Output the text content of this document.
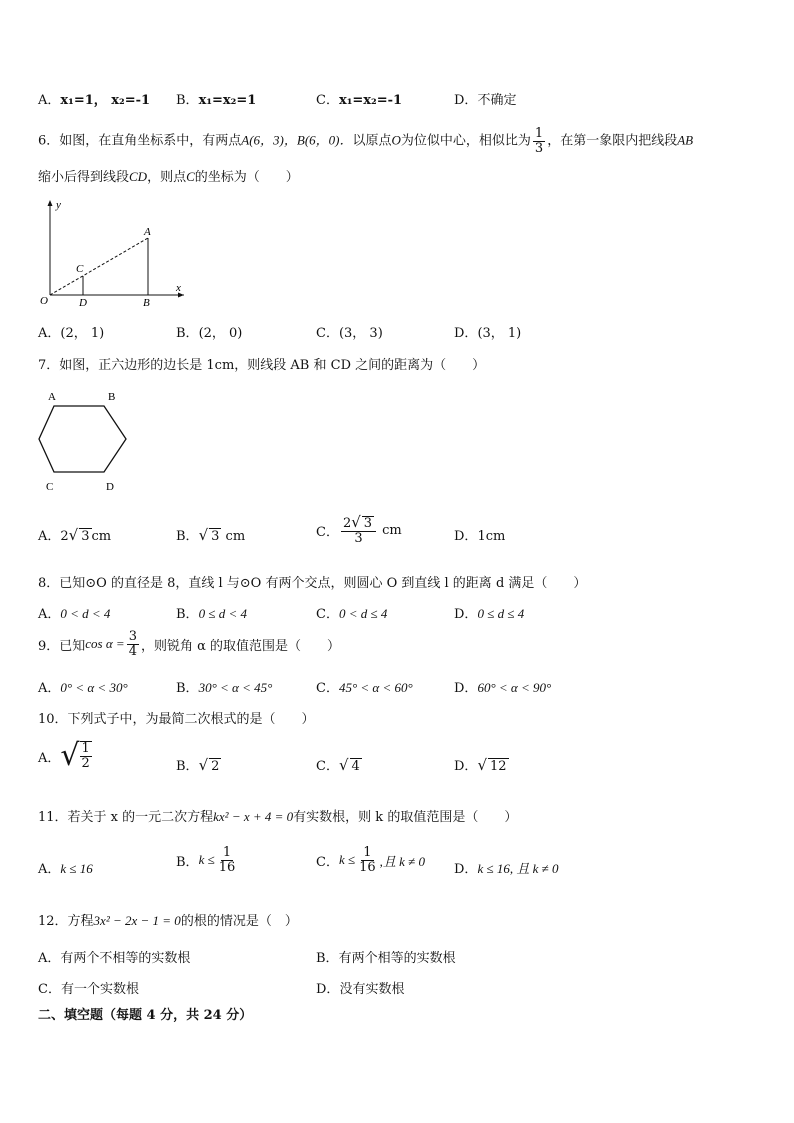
A．x₁=1， x₂=-1 B．x₁=x₂=1	C．x₁=x₂=-1	D．不确定
6．如图，在直角坐标系中，有两点A(6，3)，B(6，0)．以原点O为位似中心，相似比为 $\frac{1}{3}$ ，在第一象限内把线段AB
缩小后得到线段CD，则点C的坐标为（　　）
y
x
A
C
O	D	B
A．(2， 1)	B．(2， 0)	C．(3， 3)	D．(3， 1)
7．如图，正六边形的边长是 1cm，则线段 AB 和 CD 之间的距离为（　　）
A	B
C	D
A．2√ 3 cm	B．√ 3 cm	C． $\frac{2√ 3}{3}$ cm	D．1cm
8．已知⊙O 的直径是 8，直线 l 与⊙O 有两个交点，则圆心 O 到直线 l 的距离 d 满足（　　）
A．0 < d < 4	B．0 ≤ d < 4	C．0 < d ≤ 4	D．0 ≤ d ≤ 4
9．已知 $\cos \alpha = \frac{3}{4}$ ，则锐角 α 的取值范围是（　　）
A．0° < α < 30°	B．30° < α < 45°	C．45° < α < 60°	D．60° < α < 90°
10．下列式子中，为最简二次根式的是（　　）
A． √ $\frac{1}{2}$	B．√ 2	C．√ 4	D．√ 12
11．若关于 x 的一元二次方程kx² − x + 4 = 0有实数根，则 k 的取值范围是（　　）
A．k ≤ 16	B． $k \le \frac{1}{16}$	C． $k \le \frac{1}{16}$ ,且 k ≠ 0
D．k ≤ 16, 且 k ≠ 0
12．方程3x² − 2x − 1 = 0的根的情况是（　）
A．有两个不相等的实数根	B．有两个相等的实数根
C．有一个实数根	D．没有实数根
二、填空题（每题 4 分，共 24 分）
